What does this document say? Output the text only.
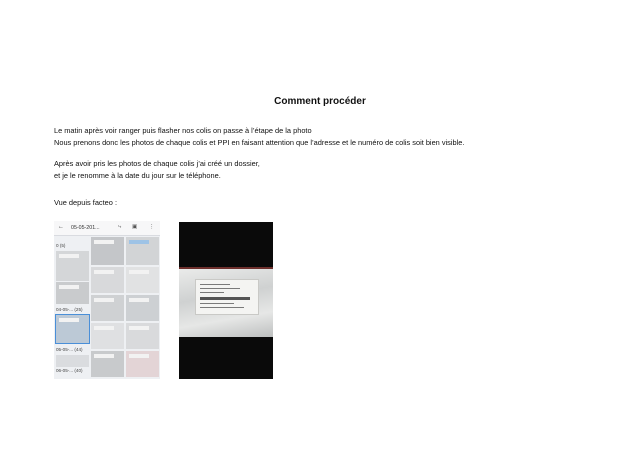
Comment procéder
Le matin après voir ranger puis flasher nos colis on passe à l’étape de la photo
Nous prenons donc les photos de chaque colis et PPI en faisant attention que l’adresse et le numéro de colis soit bien visible.
Après avoir pris les photos de chaque colis j’ai créé un dossier,
et je le renomme à la date du jour sur le téléphone.
Vue depuis facteo :
← 05-05-201...	⤷ ▣ ⋮
0 (5)
04-05-... (25)
05-05-... (44)
06-05-... (40)
